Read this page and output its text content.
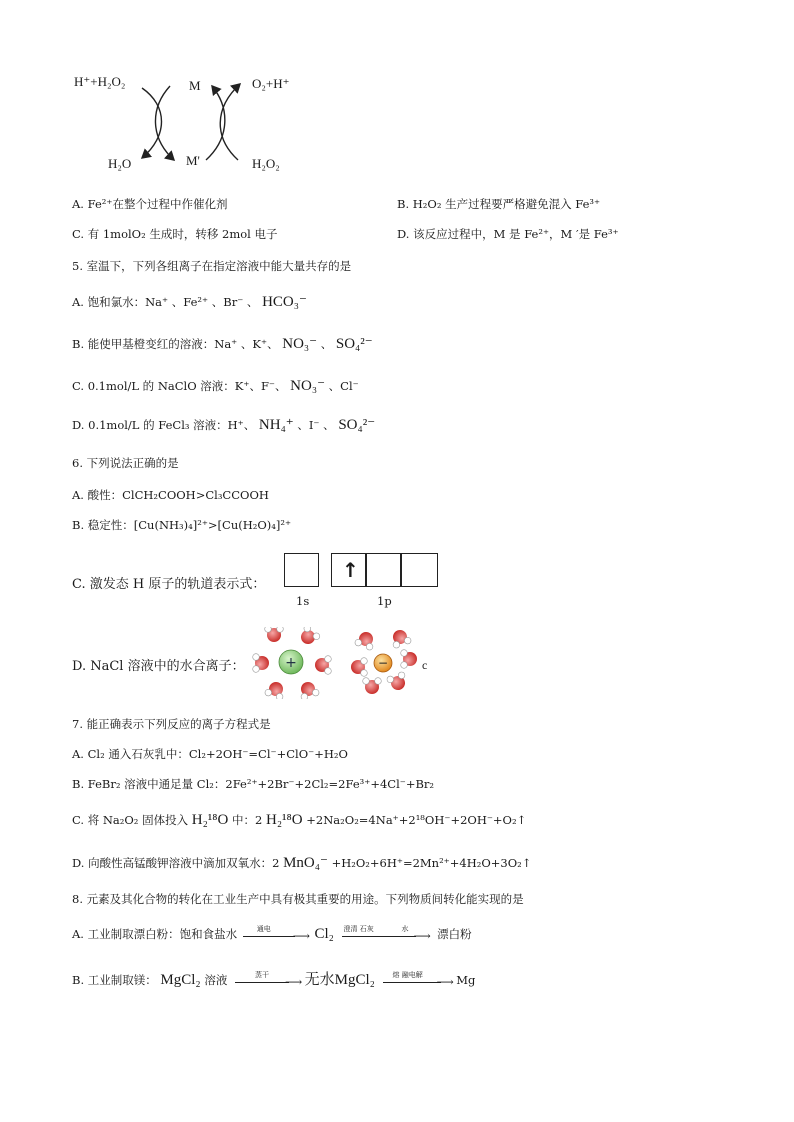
H⁺+H₂O₂	M	O₂+H⁺
H₂O	M'	H₂O₂
A. Fe²⁺在整个过程中作催化剂	B. H₂O₂ 生产过程要严格避免混入 Fe³⁺
C. 有 1molO₂ 生成时，转移 2mol 电子	D. 该反应过程中，M 是 Fe²⁺，M ′是 Fe³⁺
5. 室温下，下列各组离子在指定溶液中能大量共存的是
A. 饱和氯水：Na⁺ 、Fe²⁺ 、Br⁻ 、 HCO₃⁻
B. 能使甲基橙变红的溶液：Na⁺ 、K⁺、 NO₃⁻ 、 SO₄²⁻
C. 0.1mol/L 的 NaClO 溶液：K⁺、F⁻、 NO₃⁻ 、Cl⁻
D. 0.1mol/L 的 FeCl₃ 溶液：H⁺、 NH₄⁺ 、I⁻ 、 SO₄²⁻
6. 下列说法正确的是
A. 酸性：ClCH₂COOH>Cl₃CCOOH
B. 稳定性：[Cu(NH₃)₄]²⁺>[Cu(H₂O)₄]²⁺
C. 激发态 H 原子的轨道表示式：
↑
1s	1p
D. NaCl 溶液中的水合离子：	+	−	c
7. 能正确表示下列反应的离子方程式是
A. Cl₂ 通入石灰乳中：Cl₂+2OH⁻=Cl⁻+ClO⁻+H₂O
B. FeBr₂ 溶液中通足量 Cl₂：2Fe²⁺+2Br⁻+2Cl₂=2Fe³⁺+4Cl⁻+Br₂
C. 将 Na₂O₂ 固体投入 H₂¹⁸O 中：2 H₂¹⁸O +2Na₂O₂=4Na⁺+2¹⁸OH⁻+2OH⁻+O₂↑
D. 向酸性高锰酸钾溶液中滴加双氧水：2 MnO₄⁻ +H₂O₂+6H⁺=2Mn²⁺+4H₂O+3O₂↑
8. 元素及其化合物的转化在工业生产中具有极其重要的用途。下列物质间转化能实现的是
A. 工业制取漂白粉：饱和食盐水	通电 ⟶ Cl₂ 澄清 石灰	水 ⟶ 漂白粉
B. 工业制取镁： MgCl₂ 溶液	蒸干 ⟶ 无水MgCl₂	熔 融电解 ⟶ Mg
